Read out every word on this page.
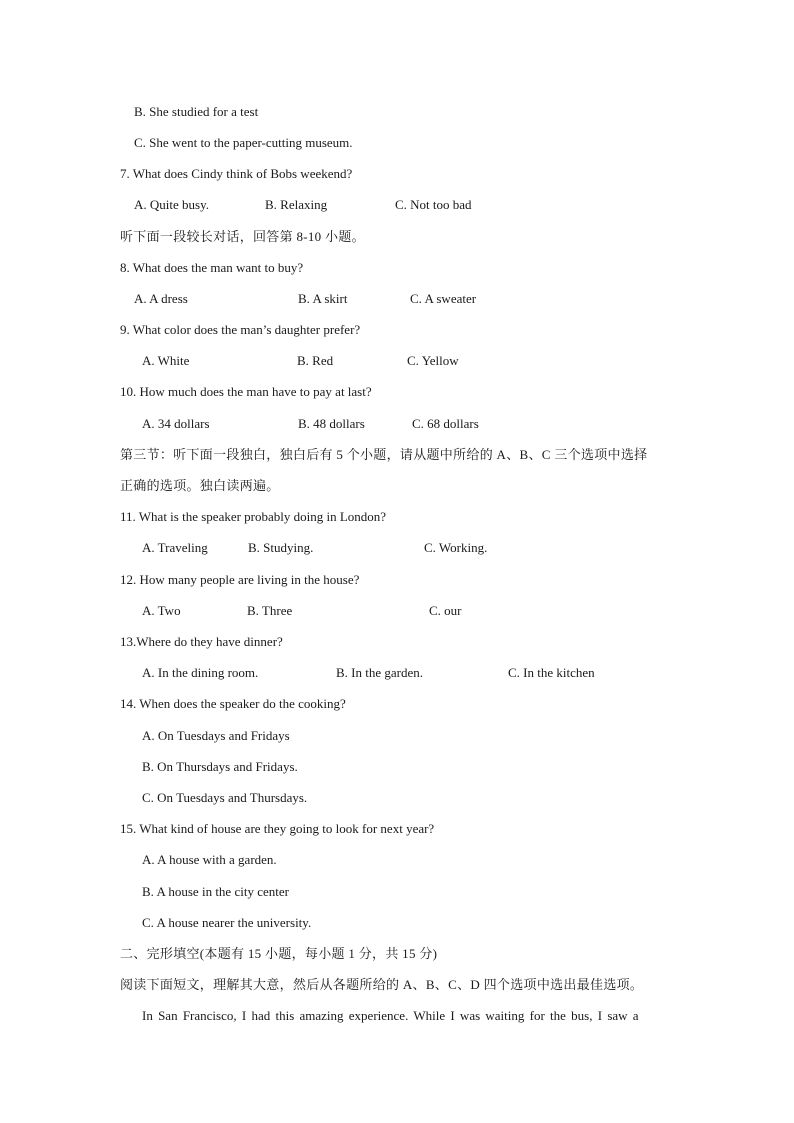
B. She studied for a test
C. She went to the paper-cutting museum.
7. What does Cindy think of Bobs weekend?
A. Quite busy.	B. Relaxing	C. Not too bad
听下面一段较长对话，回答第 8-10 小题。
8. What does the man want to buy?
A. A dress	B. A skirt	C. A sweater
9. What color does the man’s daughter prefer?
A. White	B. Red	C. Yellow
10. How much does the man have to pay at last?
A. 34 dollars	B. 48 dollars	C. 68 dollars
第三节：听下面一段独白，独白后有 5 个小题，请从题中所给的 A、B、C 三个选项中选择
正确的选项。独白读两遍。
11. What is the speaker probably doing in London?
A. Traveling	B. Studying.	C. Working.
12. How many people are living in the house?
A. Two	B. Three	C. our
13.Where do they have dinner?
A. In the dining room.	B. In the garden.	C. In the kitchen
14. When does the speaker do the cooking?
A. On Tuesdays and Fridays
B. On Thursdays and Fridays.
C. On Tuesdays and Thursdays.
15. What kind of house are they going to look for next year?
A. A house with a garden.
B. A house in the city center
C. A house nearer the university.
二、完形填空(本题有 15 小题，每小题 1 分，共 15 分)
阅读下面短文，理解其大意，然后从各题所给的 A、B、C、D 四个选项中选出最佳选项。
In San Francisco, I had this amazing experience. While I was waiting for the bus, I saw a
